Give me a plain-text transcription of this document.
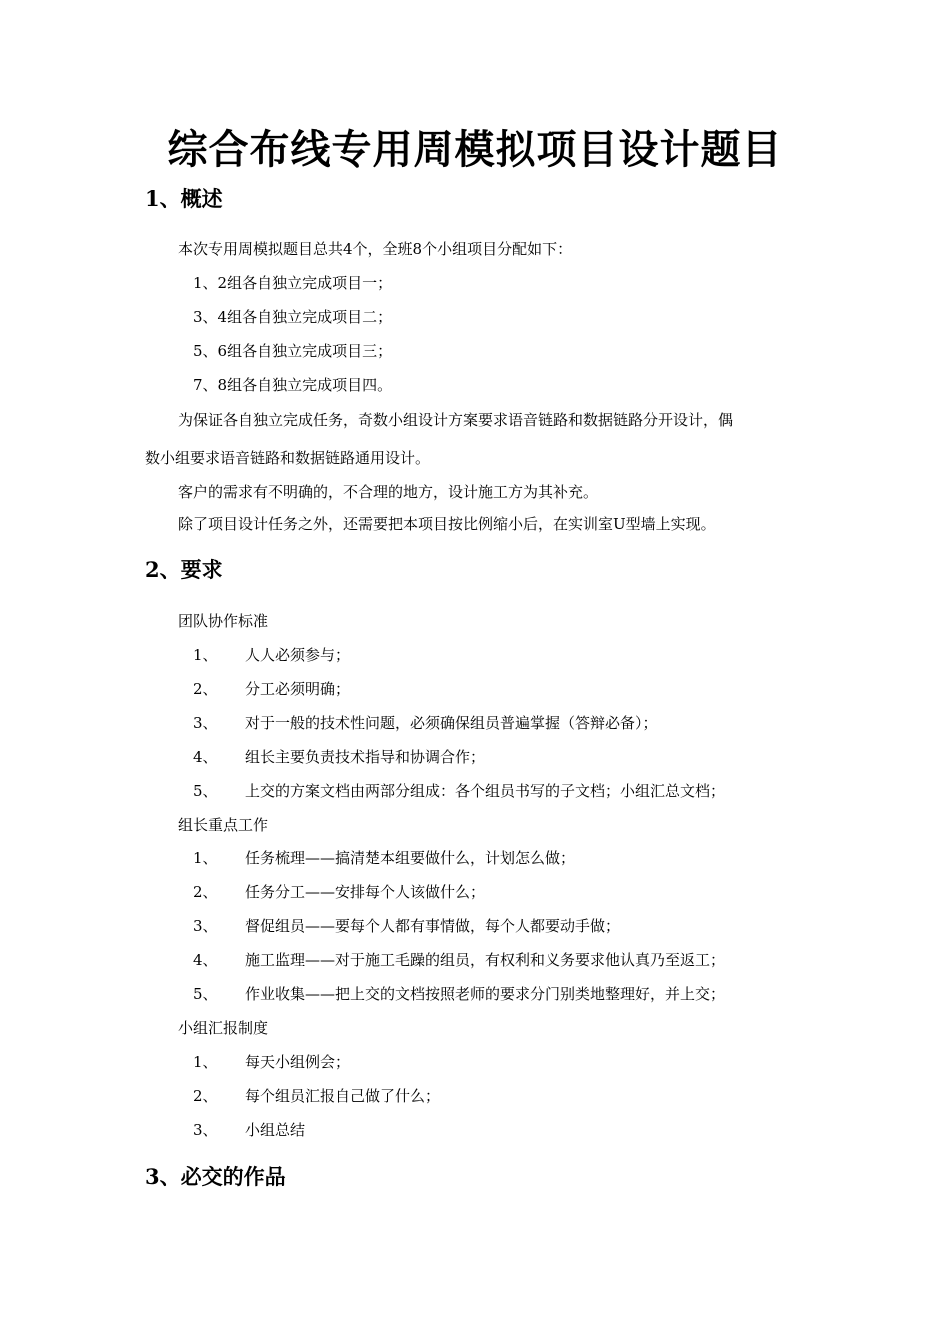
综合布线专用周模拟项目设计题目
1、概述
本次专用周模拟题目总共4个，全班8个小组项目分配如下：
1、2组各自独立完成项目一；
3、4组各自独立完成项目二；
5、6组各自独立完成项目三；
7、8组各自独立完成项目四。
为保证各自独立完成任务，奇数小组设计方案要求语音链路和数据链路分开设计，偶
数小组要求语音链路和数据链路通用设计。
客户的需求有不明确的，不合理的地方，设计施工方为其补充。
除了项目设计任务之外，还需要把本项目按比例缩小后，在实训室U型墙上实现。
2、要求
团队协作标准
1、 人人必须参与；
2、 分工必须明确；
3、 对于一般的技术性问题，必须确保组员普遍掌握（答辩必备）；
4、 组长主要负责技术指导和协调合作；
5、 上交的方案文档由两部分组成：各个组员书写的子文档；小组汇总文档；
组长重点工作
1、 任务梳理——搞清楚本组要做什么，计划怎么做；
2、 任务分工——安排每个人该做什么；
3、 督促组员——要每个人都有事情做，每个人都要动手做；
4、 施工监理——对于施工毛躁的组员，有权利和义务要求他认真乃至返工；
5、 作业收集——把上交的文档按照老师的要求分门别类地整理好，并上交；
小组汇报制度
1、 每天小组例会；
2、 每个组员汇报自己做了什么；
3、 小组总结
3、必交的作品
